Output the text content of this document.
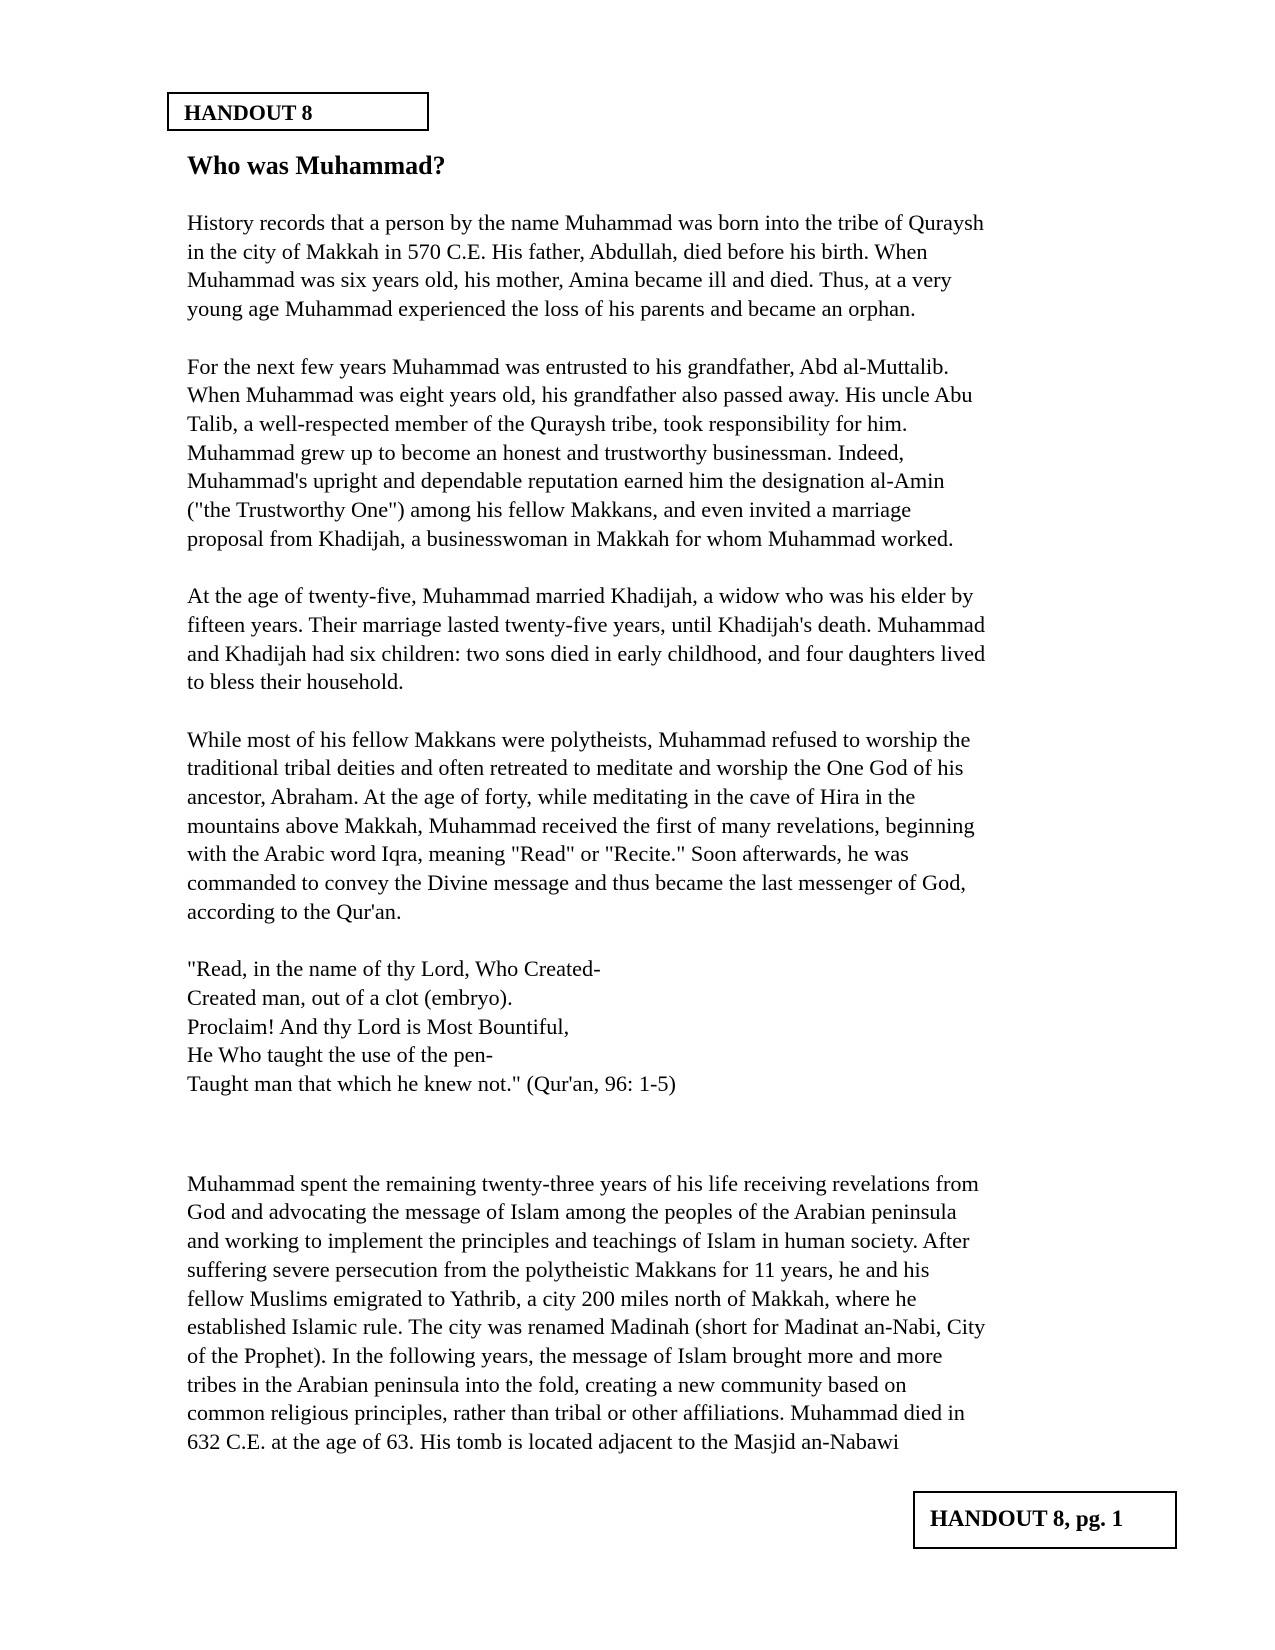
HANDOUT 8
Who was Muhammad?

History records that a person by the name Muhammad was born into the tribe of Quraysh
in the city of Makkah in 570 C.E. His father, Abdullah, died before his birth. When
Muhammad was six years old, his mother, Amina became ill and died. Thus, at a very
young age Muhammad experienced the loss of his parents and became an orphan.

For the next few years Muhammad was entrusted to his grandfather, Abd al-Muttalib.
When Muhammad was eight years old, his grandfather also passed away. His uncle Abu
Talib, a well-respected member of the Quraysh tribe, took responsibility for him.
Muhammad grew up to become an honest and trustworthy businessman. Indeed,
Muhammad's upright and dependable reputation earned him the designation al-Amin
("the Trustworthy One") among his fellow Makkans, and even invited a marriage
proposal from Khadijah, a businesswoman in Makkah for whom Muhammad worked.

At the age of twenty-five, Muhammad married Khadijah, a widow who was his elder by
fifteen years. Their marriage lasted twenty-five years, until Khadijah's death. Muhammad
and Khadijah had six children: two sons died in early childhood, and four daughters lived
to bless their household.

While most of his fellow Makkans were polytheists, Muhammad refused to worship the
traditional tribal deities and often retreated to meditate and worship the One God of his
ancestor, Abraham. At the age of forty, while meditating in the cave of Hira in the
mountains above Makkah, Muhammad received the first of many revelations, beginning
with the Arabic word Iqra, meaning "Read" or "Recite." Soon afterwards, he was
commanded to convey the Divine message and thus became the last messenger of God,
according to the Qur'an.

"Read, in the name of thy Lord, Who Created-
Created man, out of a clot (embryo).
Proclaim! And thy Lord is Most Bountiful,
He Who taught the use of the pen-
Taught man that which he knew not." (Qur'an, 96: 1-5)

Muhammad spent the remaining twenty-three years of his life receiving revelations from
God and advocating the message of Islam among the peoples of the Arabian peninsula
and working to implement the principles and teachings of Islam in human society. After
suffering severe persecution from the polytheistic Makkans for 11 years, he and his
fellow Muslims emigrated to Yathrib, a city 200 miles north of Makkah, where he
established Islamic rule. The city was renamed Madinah (short for Madinat an-Nabi, City
of the Prophet). In the following years, the message of Islam brought more and more
tribes in the Arabian peninsula into the fold, creating a new community based on
common religious principles, rather than tribal or other affiliations. Muhammad died in
632 C.E. at the age of 63. His tomb is located adjacent to the Masjid an-Nabawi

HANDOUT 8, pg. 1
